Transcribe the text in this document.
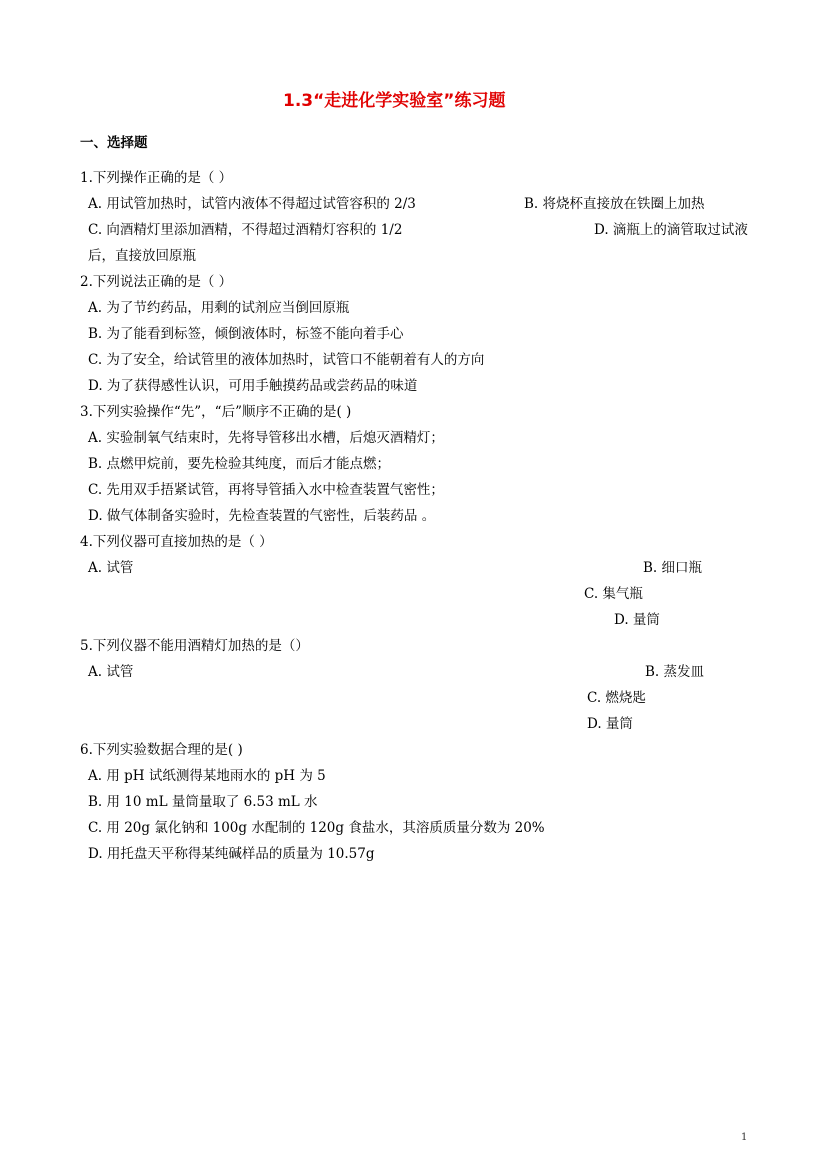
1.3“走进化学实验室”练习题
一、选择题
1.下列操作正确的是（ ）
A. 用试管加热时，试管内液体不得超过试管容积的 2/3	B. 将烧杯直接放在铁圈上加热
C. 向酒精灯里添加酒精，不得超过酒精灯容积的 1/2	D. 滴瓶上的滴管取过试液
后，直接放回原瓶
2.下列说法正确的是（ ）
A. 为了节约药品，用剩的试剂应当倒回原瓶
B. 为了能看到标签，倾倒液体时，标签不能向着手心
C. 为了安全，给试管里的液体加热时，试管口不能朝着有人的方向
D. 为了获得感性认识，可用手触摸药品或尝药品的味道
3.下列实验操作“先”，“后”顺序不正确的是( )
A. 实验制氧气结束时，先将导管移出水槽，后熄灭酒精灯；
B. 点燃甲烷前，要先检验其纯度，而后才能点燃；
C. 先用双手捂紧试管，再将导管插入水中检查装置气密性；
D. 做气体制备实验时，先检查装置的气密性，后装药品 。
4.下列仪器可直接加热的是（ ）
A. 试管	B. 细口瓶
C. 集气瓶
D. 量筒
5.下列仪器不能用酒精灯加热的是（）
A. 试管	B. 蒸发皿
C. 燃烧匙
D. 量筒
6.下列实验数据合理的是( )
A. 用 pH 试纸测得某地雨水的 pH 为 5
B. 用 10 mL 量筒量取了 6.53 mL 水
C. 用 20g 氯化钠和 100g 水配制的 120g 食盐水，其溶质质量分数为 20%
D. 用托盘天平称得某纯碱样品的质量为 10.57g
1
